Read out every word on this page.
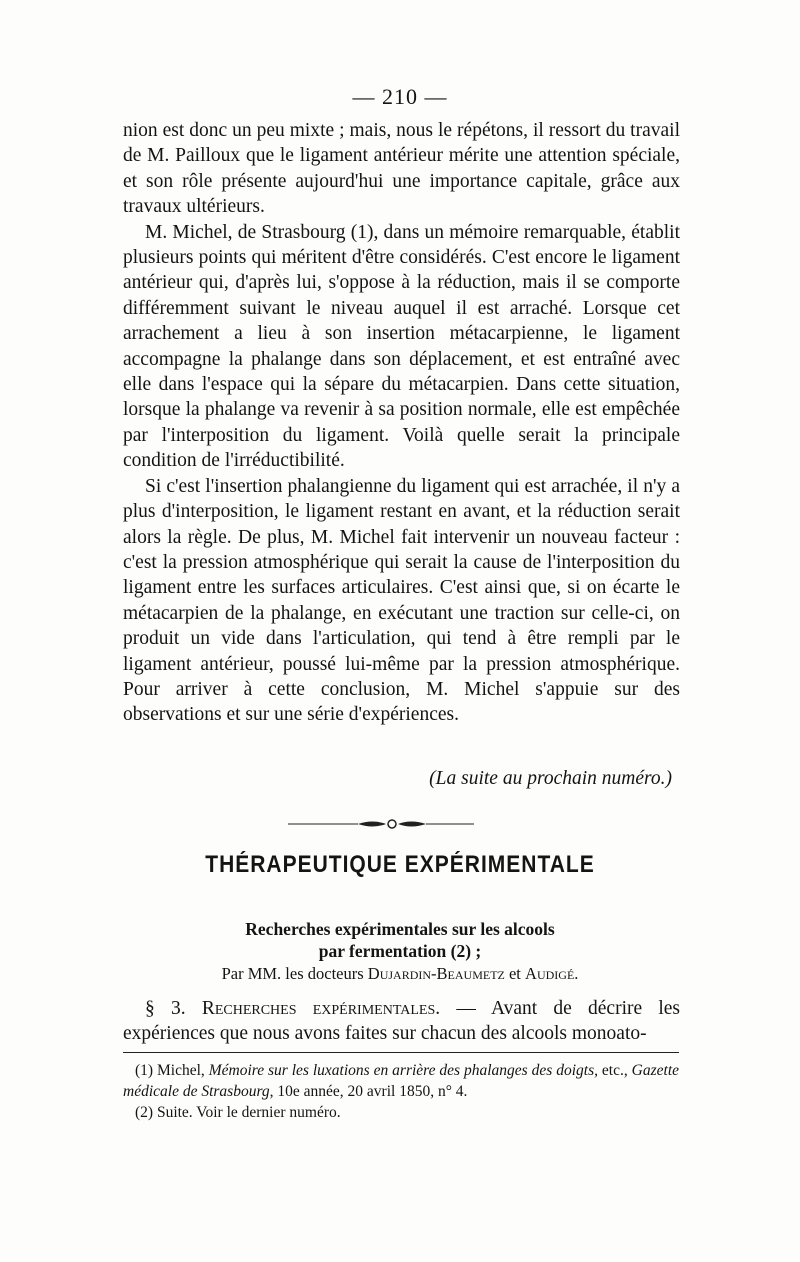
— 210 —

nion est donc un peu mixte ; mais, nous le répétons, il ressort du travail de M. Pailloux que le ligament antérieur mérite une attention spéciale, et son rôle présente aujourd'hui une importance capitale, grâce aux travaux ultérieurs.

M. Michel, de Strasbourg (1), dans un mémoire remarquable, établit plusieurs points qui méritent d'être considérés. C'est encore le ligament antérieur qui, d'après lui, s'oppose à la réduction, mais il se comporte différemment suivant le niveau auquel il est arraché. Lorsque cet arrachement a lieu à son insertion métacarpienne, le ligament accompagne la phalange dans son déplacement, et est entraîné avec elle dans l'espace qui la sépare du métacarpien. Dans cette situation, lorsque la phalange va revenir à sa position normale, elle est empêchée par l'interposition du ligament. Voilà quelle serait la principale condition de l'irréductibilité.

Si c'est l'insertion phalangienne du ligament qui est arrachée, il n'y a plus d'interposition, le ligament restant en avant, et la réduction serait alors la règle. De plus, M. Michel fait intervenir un nouveau facteur : c'est la pression atmosphérique qui serait la cause de l'interposition du ligament entre les surfaces articulaires. C'est ainsi que, si on écarte le métacarpien de la phalange, en exécutant une traction sur celle-ci, on produit un vide dans l'articulation, qui tend à être rempli par le ligament antérieur, poussé lui-même par la pression atmosphérique. Pour arriver à cette conclusion, M. Michel s'appuie sur des observations et sur une série d'expériences.

(La suite au prochain numéro.)
THÉRAPEUTIQUE EXPÉRIMENTALE
Recherches expérimentales sur les alcools
par fermentation (2) ;
Par MM. les docteurs Dujardin-Beaumetz et Audigé.
§ 3. Recherches expérimentales. — Avant de décrire les expériences que nous avons faites sur chacun des alcools monoato-

(1) Michel, Mémoire sur les luxations en arrière des phalanges des doigts, etc., Gazette médicale de Strasbourg, 10e année, 20 avril 1850, n° 4.

(2) Suite. Voir le dernier numéro.
